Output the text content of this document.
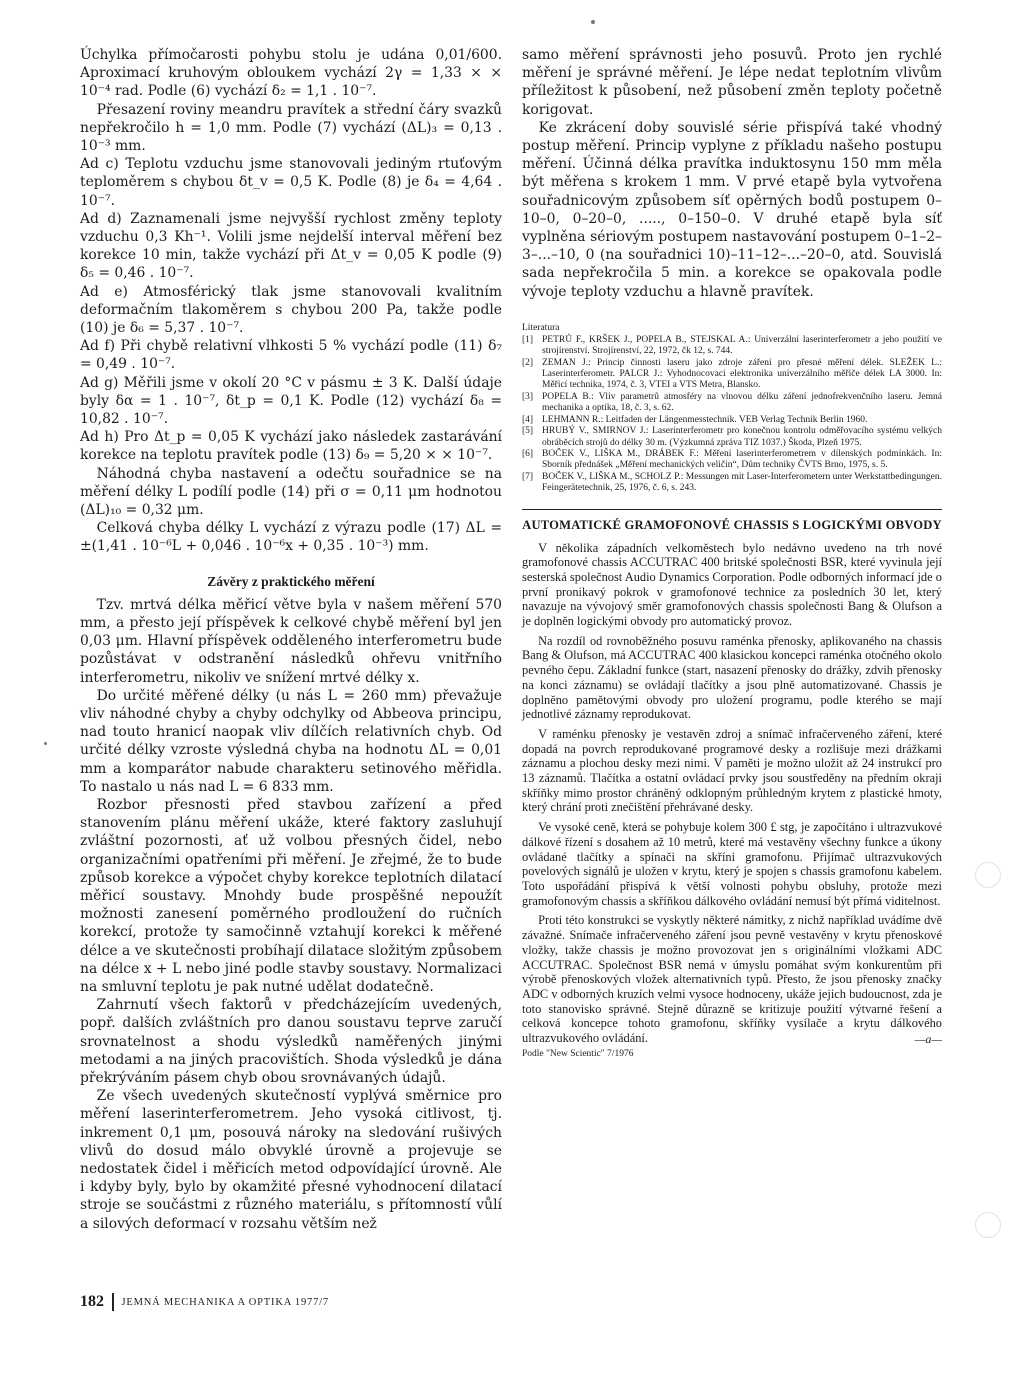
Úchylka přímočarosti pohybu stolu je udána 0,01/600. Aproximací kruhovým obloukem vychází 2γ = 1,33 × × 10⁻⁴ rad. Podle (6) vychází δ₂ = 1,1 . 10⁻⁷.

Přesazení roviny meandru pravítek a střední čáry svazků nepřekročilo h = 1,0 mm. Podle (7) vychází (ΔL)₃ = 0,13 . 10⁻³ mm.

Ad c) Teplotu vzduchu jsme stanovovali jediným rtuťovým teploměrem s chybou δt_v = 0,5 K. Podle (8) je δ₄ = 4,64 . 10⁻⁷.

Ad d) Zaznamenali jsme nejvyšší rychlost změny teploty vzduchu 0,3 Kh⁻¹. Volili jsme nejdelší interval měření bez korekce 10 min, takže vychází při Δt_v = 0,05 K podle (9) δ₅ = 0,46 . 10⁻⁷.

Ad e) Atmosférický tlak jsme stanovovali kvalitním deformačním tlakoměrem s chybou 200 Pa, takže podle (10) je δ₆ = 5,37 . 10⁻⁷.

Ad f) Při chybě relativní vlhkosti 5 % vychází podle (11) δ₇ = 0,49 . 10⁻⁷.

Ad g) Měřili jsme v okolí 20 °C v pásmu ± 3 K. Další údaje byly δα = 1 . 10⁻⁷, δt_p = 0,1 K. Podle (12) vychází δ₈ = 10,82 . 10⁻⁷.

Ad h) Pro Δt_p = 0,05 K vychází jako následek zastarávání korekce na teplotu pravítek podle (13) δ₉ = 5,20 × × 10⁻⁷.

Náhodná chyba nastavení a odečtu souřadnice se na měření délky L podílí podle (14) při σ = 0,11 μm hodnotou (ΔL)₁₀ = 0,32 μm.

Celková chyba délky L vychází z výrazu podle (17) ΔL = ±(1,41 . 10⁻⁶L + 0,046 . 10⁻⁶x + 0,35 . 10⁻³) mm.

Závěry z praktického měření

Tzv. mrtvá délka měřicí větve byla v našem měření 570 mm, a přesto její příspěvek k celkové chybě měření byl jen 0,03 μm. Hlavní příspěvek odděleného interferometru bude pozůstávat v odstranění následků ohřevu vnitřního interferometru, nikoliv ve snížení mrtvé délky x.

Do určité měřené délky (u nás L = 260 mm) převažuje vliv náhodné chyby a chyby odchylky od Abbeova principu, nad touto hranicí naopak vliv dílčích relativních chyb. Od určité délky vzroste výsledná chyba na hodnotu ΔL = 0,01 mm a komparátor nabude charakteru setinového měřidla. To nastalo u nás nad L = 6 833 mm.

Rozbor přesnosti před stavbou zařízení a před stanovením plánu měření ukáže, které faktory zasluhují zvláštní pozornosti, ať už volbou přesných čidel, nebo organizačními opatřeními při měření. Je zřejmé, že to bude způsob korekce a výpočet chyby korekce teplotních dilatací měřicí soustavy. Mnohdy bude prospěšné nepoužít možnosti zanesení poměrného prodloužení do ručních korekcí, protože ty samočinně vztahují korekci k měřené délce a ve skutečnosti probíhají dilatace složitým způsobem na délce x + L nebo jiné podle stavby soustavy. Normalizaci na smluvní teplotu je pak nutné udělat dodatečně.

Zahrnutí všech faktorů v předcházejícím uvedených, popř. dalších zvláštních pro danou soustavu teprve zaručí srovnatelnost a shodu výsledků naměřených jinými metodami a na jiných pracovištích. Shoda výsledků je dána překrýváním pásem chyb obou srovnávaných údajů.

Ze všech uvedených skutečností vyplývá směrnice pro měření laserinterferometrem. Jeho vysoká citlivost, tj. inkrement 0,1 μm, posouvá nároky na sledování rušivých vlivů do dosud málo obvyklé úrovně a projevuje se nedostatek čidel i měřicích metod odpovídající úrovně. Ale i kdyby byly, bylo by okamžité přesné vyhodnocení dilatací stroje se součástmi z různého materiálu, s přítomností vůlí a silových deformací v rozsahu větším než

samo měření správnosti jeho posuvů. Proto jen rychlé měření je správné měření. Je lépe nedat teplotním vlivům příležitost k působení, než působení změn teploty početně korigovat.

Ke zkrácení doby souvislé série přispívá také vhodný postup měření. Princip vyplyne z příkladu našeho postupu měření. Účinná délka pravítka induktosynu 150 mm měla být měřena s krokem 1 mm. V prvé etapě byla vytvořena souřadnicovým způsobem síť opěrných bodů postupem 0–10–0, 0–20–0, ....., 0–150–0. V druhé etapě byla síť vyplněna sériovým postupem nastavování postupem 0–1–2–3–...–10, 0 (na souřadnici 10)–11–12–...–20–0, atd. Souvislá sada nepřekročila 5 min. a korekce se opakovala podle vývoje teploty vzduchu a hlavně pravítek.

Literatura

[1] PETRŮ F., KRŠEK J., POPELA B., STEJSKAL A.: Univerzální laserinterferometr a jeho použití ve strojírenství. Strojírenství, 22, 1972, čk 12, s. 744.

[2] ZEMAN J.: Princip činnosti laseru jako zdroje záření pro přesné měření délek. SLEŽEK L.: Laserinterferometr. PALCR J.: Vyhodnocovací elektronika univerzálního měřiče délek LA 3000. In: Měřicí technika, 1974, č. 3, VTEI a VTS Metra, Blansko.

[3] POPELA B.: Vliv parametrů atmosféry na vlnovou délku záření jednofrekvenčního laseru. Jemná mechanika a optika, 18, č. 3, s. 62.

[4] LEHMANN R.: Leitfaden der Längenmesstechnik. VEB Verlag Technik Berlin 1960.

[5] HRUBÝ V., SMIRNOV J.: Laserinterferometr pro konečnou kontrolu odměřovacího systému velkých obráběcích strojů do délky 30 m. (Výzkumná zpráva TIZ 1037.) Škoda, Plzeň 1975.

[6] BOČEK V., LIŠKA M., DRÁBEK F.: Měření laserinterferometrem v dílenských podmínkách. In: Sborník přednášek „Měření mechanických veličin“, Dům techniky ČVTS Brno, 1975, s. 5.

[7] BOČEK V., LIŠKA M., SCHOLZ P.: Messungen mit Laser-Interferometern unter Werkstattbedingungen. Feingerätetechnik, 25, 1976, č. 6, s. 243.

AUTOMATICKÉ GRAMOFONOVÉ CHASSIS S LOGICKÝMI OBVODY

V několika západních velkoměstech bylo nedávno uvedeno na trh nové gramofonové chassis ACCUTRAC 400 britské společnosti BSR, které vyvinula její sesterská společnost Audio Dynamics Corporation. Podle odborných informací jde o první pronikavý pokrok v gramofonové technice za posledních 30 let, který navazuje na vývojový směr gramofonových chassis společnosti Bang & Olufson a je doplněn logickými obvody pro automatický provoz.

Na rozdíl od rovnoběžného posuvu raménka přenosky, aplikovaného na chassis Bang & Olufson, má ACCUTRAC 400 klasickou koncepci raménka otočného okolo pevného čepu. Základní funkce (start, nasazení přenosky do drážky, zdvih přenosky na konci záznamu) se ovládají tlačítky a jsou plně automatizované. Chassis je doplněno pamětovými obvody pro uložení programu, podle kterého se mají jednotlivé záznamy reprodukovat.

V raménku přenosky je vestavěn zdroj a snímač infračerveného záření, které dopadá na povrch reprodukované programové desky a rozlišuje mezi drážkami záznamu a plochou desky mezi nimi. V paměti je možno uložit až 24 instrukcí pro 13 záznamů. Tlačítka a ostatní ovládací prvky jsou soustředěny na předním okraji skříňky mimo prostor chráněný odklopným průhledným krytem z plastické hmoty, který chrání proti znečištění přehrávané desky.

Ve vysoké ceně, která se pohybuje kolem 300 £ stg, je započítáno i ultrazvukové dálkové řízení s dosahem až 10 metrů, které má vestavěny všechny funkce a úkony ovládané tlačítky a spínači na skříni gramofonu. Přijímač ultrazvukových povelových signálů je uložen v krytu, který je spojen s chassis gramofonu kabelem. Toto uspořádání přispívá k větší volnosti pohybu obsluhy, protože mezi gramofonovým chassis a skříňkou dálkového ovládání nemusí být přímá viditelnost.

Proti této konstrukci se vyskytly některé námitky, z nichž například uvádíme dvě závažné. Snímače infračerveného záření jsou pevně vestavěny v krytu přenoskové vložky, takže chassis je možno provozovat jen s originálními vložkami ADC ACCUTRAC. Společnost BSR nemá v úmyslu pomáhat svým konkurentům při výrobě přenoskových vložek alternativních typů. Přesto, že jsou přenosky značky ADC v odborných kruzích velmi vysoce hodnoceny, ukáže jejich budoucnost, zda je toto stanovisko správné. Stejně důrazně se kritizuje použití výtvarné řešení a celková koncepce tohoto gramofonu, skříňky vysílače a krytu dálkového ultrazvukového ovládání.	—a—
Podle "New Scientic" 7/1976
182 JEMNÁ MECHANIKA A OPTIKA 1977/7
